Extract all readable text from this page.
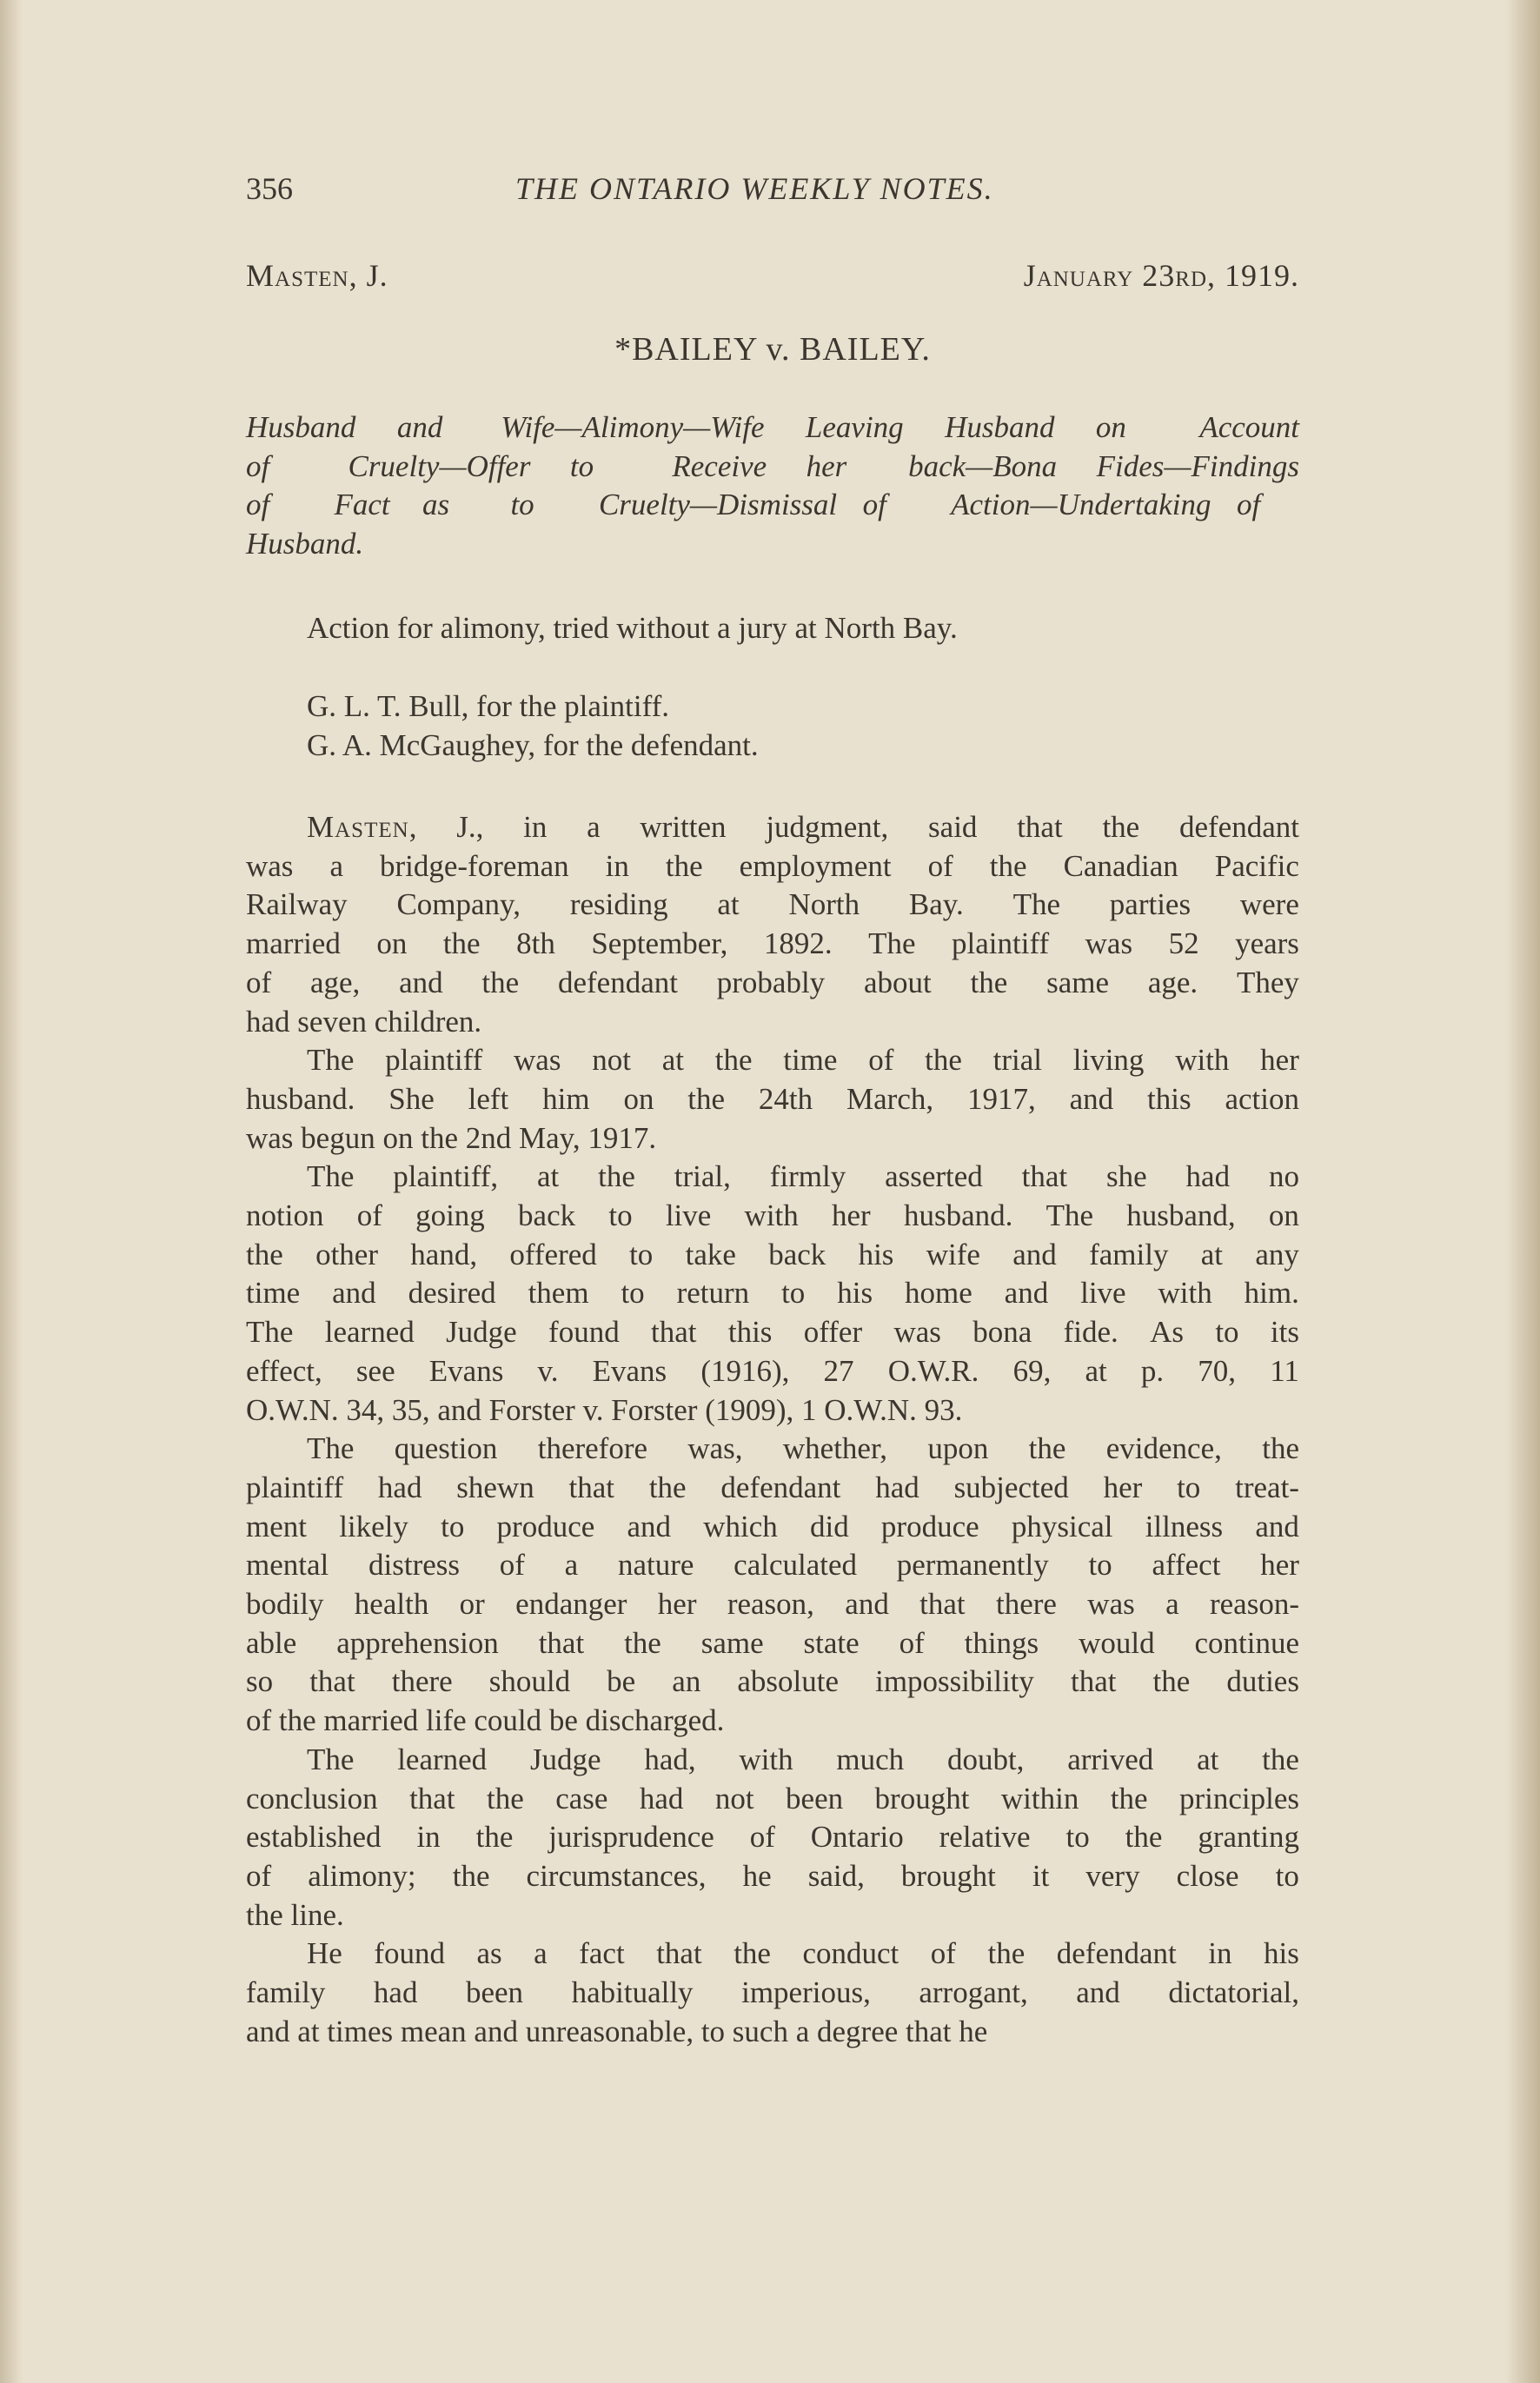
356	THE ONTARIO WEEKLY NOTES.
Masten, J.	January 23rd, 1919.
*BAILEY v. BAILEY.
Husband and	Wife—Alimony—Wife Leaving Husband on	Account
of	Cruelty—Offer to	Receive her	back—Bona Fides—Findings
of	Fact as	to	Cruelty—Dismissal of	Action—Undertaking of
Husband.
Action for alimony, tried without a jury at North Bay.
G. L. T. Bull, for the plaintiff.
G. A. McGaughey, for the defendant.
Masten, J., in a written judgment, said that the defendant
was a bridge-foreman in the employment of the Canadian Pacific
Railway Company, residing at North Bay. The parties were
married on the 8th September, 1892. The plaintiff was 52 years
of age, and the defendant probably about the same age. They
had seven children.
The plaintiff was not at the time of the trial living with her
husband. She left him on the 24th March, 1917, and this action
was begun on the 2nd May, 1917.
The plaintiff, at the trial, firmly asserted that she had no
notion of going back to live with her husband. The husband, on
the other hand, offered to take back his wife and family at any
time and desired them to return to his home and live with him.
The learned Judge found that this offer was bona fide. As to its
effect, see Evans v. Evans (1916), 27 O.W.R. 69, at p. 70, 11
O.W.N. 34, 35, and Forster v. Forster (1909), 1 O.W.N. 93.
The question therefore was, whether, upon the evidence, the
plaintiff had shewn that the defendant had subjected her to treat-
ment likely to produce and which did produce physical illness and
mental distress of a nature calculated permanently to affect her
bodily health or endanger her reason, and that there was a reason-
able apprehension that the same state of things would continue
so that there should be an absolute impossibility that the duties
of the married life could be discharged.
The learned Judge had, with much doubt, arrived at the
conclusion that the case had not been brought within the principles
established in the jurisprudence of Ontario relative to the granting
of alimony; the circumstances, he said, brought it very close to
the line.
He found as a fact that the conduct of the defendant in his
family had been habitually imperious, arrogant, and dictatorial,
and at times mean and unreasonable, to such a degree that he
